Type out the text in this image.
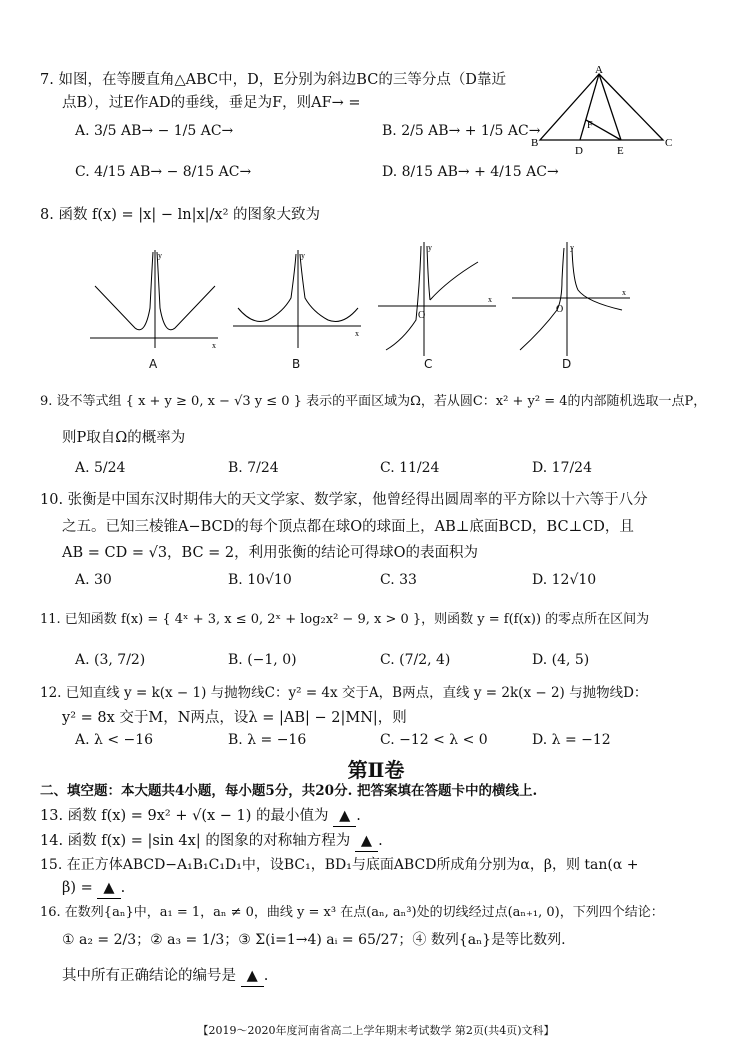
7. 如图，在等腰直角△ABC中，D，E分别为斜边BC的三等分点（D靠近
点B），过E作AD的垂线，垂足为F，则AF→ =
A. 3/5 AB→ − 1/5 AC→	B. 2/5 AB→ + 1/5 AC→
C. 4/15 AB→ − 8/15 AC→	D. 8/15 AB→ + 4/15 AC→
A
B	C
D	E
F
8. 函数 f(x) = |x| − ln|x|/x² 的图象大致为
x
y
x
y
x
y
O
x
y
O
A	B	C	D
9. 设不等式组 { x + y ≥ 0, x − √3 y ≤ 0 } 表示的平面区域为Ω，若从圆C：x² + y² = 4的内部随机选取一点P，
则P取自Ω的概率为
A. 5/24	B. 7/24	C. 11/24	D. 17/24
10. 张衡是中国东汉时期伟大的天文学家、数学家，他曾经得出圆周率的平方除以十六等于八分
之五。已知三棱锥A−BCD的每个顶点都在球O的球面上，AB⊥底面BCD，BC⊥CD，且
AB = CD = √3，BC = 2，利用张衡的结论可得球O的表面积为
A. 30	B. 10√10	C. 33	D. 12√10
11. 已知函数 f(x) = { 4ˣ + 3, x ≤ 0, 2ˣ + log₂x² − 9, x > 0 }，则函数 y = f(f(x)) 的零点所在区间为
A. (3, 7/2)	B. (−1, 0)	C. (7/2, 4)	D. (4, 5)
12. 已知直线 y = k(x − 1) 与抛物线C：y² = 4x 交于A，B两点，直线 y = 2k(x − 2) 与抛物线D：
y² = 8x 交于M，N两点，设λ = |AB| − 2|MN|，则
A. λ < −16	B. λ = −16	C. −12 < λ < 0	D. λ = −12
第Ⅱ卷
二、填空题：本大题共4小题，每小题5分，共20分. 把答案填在答题卡中的横线上.
13. 函数 f(x) = 9x² + √(x − 1) 的最小值为 ▲ .
14. 函数 f(x) = |sin 4x| 的图象的对称轴方程为 ▲ .
15. 在正方体ABCD−A₁B₁C₁D₁中，设BC₁，BD₁与底面ABCD所成角分别为α，β，则 tan(α +
β) = ▲ .
16. 在数列{aₙ}中，a₁ = 1，aₙ ≠ 0，曲线 y = x³ 在点(aₙ, aₙ³)处的切线经过点(aₙ₊₁, 0)，下列四个结论：
① a₂ = 2/3；② a₃ = 1/3；③ Σ(i=1→4) aᵢ = 65/27；④ 数列{aₙ}是等比数列.
其中所有正确结论的编号是 ▲ .
【2019～2020年度河南省高二上学年期末考试数学 第2页(共4页)文科】
